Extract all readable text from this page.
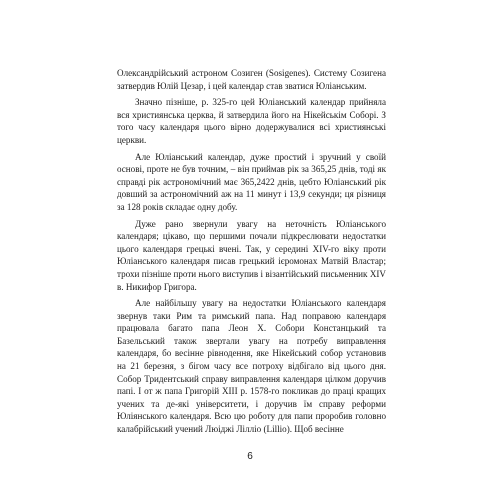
Олександрійський астроном Созиген (Sosigenes). Систему Созигена затвердив Юлій Цезар, і цей календар став зватися Юліанським.

Значно пізніше, р. 325-го цей Юліанський календар прийняла вся християнська церква, й затвердила його на Нікейськім Соборі. З того часу календаря цього вірно додержувалися всі християнські церкви.

Але Юліанський календар, дуже простий і зручний у своїй основі, проте не був точним, – він приймав рік за 365,25 днів, тоді як справді рік астрономічний має 365,2422 днів, цебто Юліанський рік довший за астрономічний аж на 11 минут і 13,9 секунди; ця різниця за 128 років складає одну добу.

Дуже рано звернули увагу на неточність Юліанського календаря; цікаво, що першими почали підкреслювати недостатки цього календаря грецькі вчені. Так, у середині XIV-го віку проти Юліанського календаря писав грецький ієромонах Матвій Властар; трохи пізніше проти нього виступив і візантійський письменник XIV в. Никифор Григора.

Але найбільшу увагу на недостатки Юліанського календаря звернув таки Рим та римський папа. Над поправою календаря працювала багато папа Леон X. Собори Констанцький та Базельський також звертали увагу на потребу виправлення календаря, бо весінне рівнодення, яке Нікейський собор установив на 21 березня, з бігом часу все потроху відбігало від цього дня. Собор Тридентський справу виправлення календаря цілком доручив папі. І от ж папа Григорій XIII р. 1578-го покликав до праці кращих учених та де-які університети, і доручив їм справу реформи Юліянського календаря. Всю цю роботу для папи проробив головно калабрійський учений Люіджі Лілліо (Lillio). Щоб весінне

6
